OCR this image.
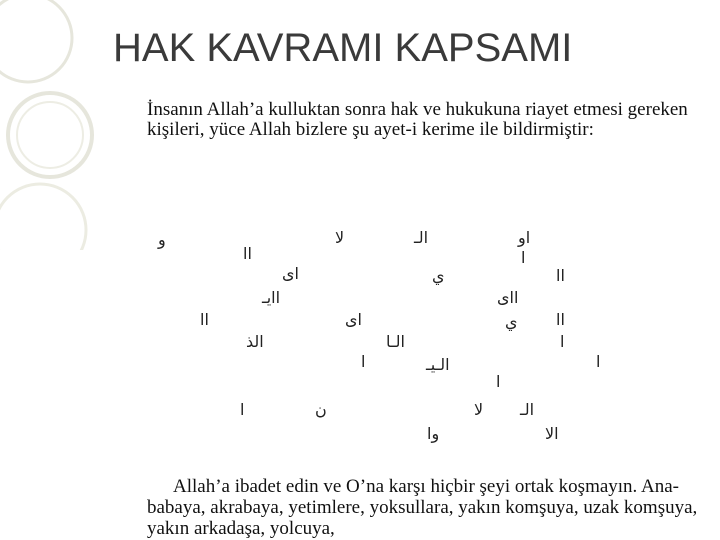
HAK KAVRAMI KAPSAMI
İnsanın Allah’a kulluktan sonra hak ve hukukuna riayet etmesi gereken kişileri, yüce Allah bizlere şu ayet-i kerime ile bildirmiştir:
و	لا	الـ	او
اا	ا
اى	ي	اا
اايـ	ااى
اا	اى	ي اا
الذ	الـا	ا
ا	الـيـ	ا
ا
ا	ن	لا الـ
وا	الا
Allah’a ibadet edin ve O’na karşı hiçbir şeyi ortak koşmayın. Ana-babaya, akrabaya, yetimlere, yoksullara, yakın komşuya, uzak komşuya, yakın arkadaşa, yolcuya,
